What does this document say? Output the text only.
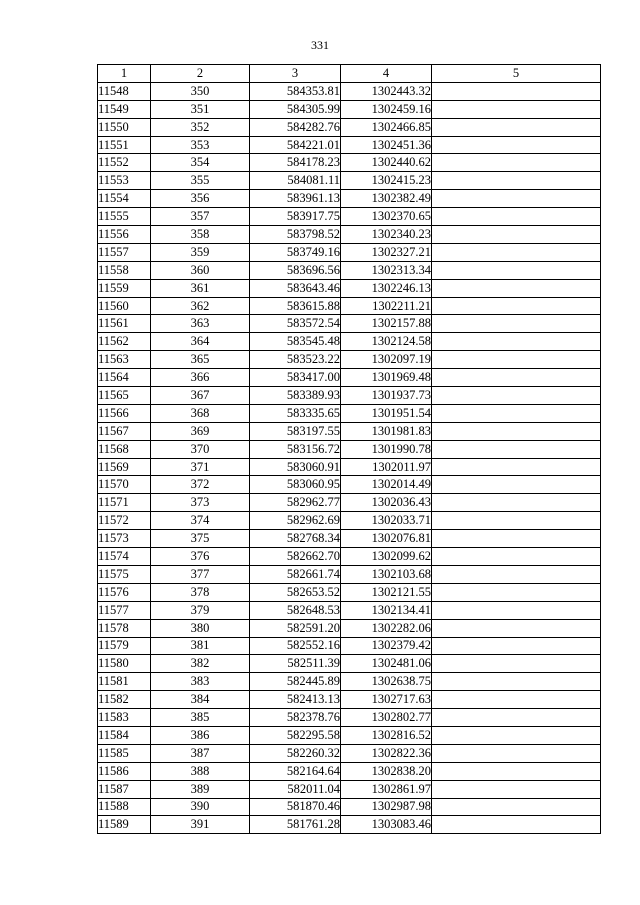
331
1	2	3	4	5
11548	350	584353.81	1302443.32	
11549	351	584305.99	1302459.16	
11550	352	584282.76	1302466.85	
11551	353	584221.01	1302451.36	
11552	354	584178.23	1302440.62	
11553	355	584081.11	1302415.23	
11554	356	583961.13	1302382.49	
11555	357	583917.75	1302370.65	
11556	358	583798.52	1302340.23	
11557	359	583749.16	1302327.21	
11558	360	583696.56	1302313.34	
11559	361	583643.46	1302246.13	
11560	362	583615.88	1302211.21	
11561	363	583572.54	1302157.88	
11562	364	583545.48	1302124.58	
11563	365	583523.22	1302097.19	
11564	366	583417.00	1301969.48	
11565	367	583389.93	1301937.73	
11566	368	583335.65	1301951.54	
11567	369	583197.55	1301981.83	
11568	370	583156.72	1301990.78	
11569	371	583060.91	1302011.97	
11570	372	583060.95	1302014.49	
11571	373	582962.77	1302036.43	
11572	374	582962.69	1302033.71	
11573	375	582768.34	1302076.81	
11574	376	582662.70	1302099.62	
11575	377	582661.74	1302103.68	
11576	378	582653.52	1302121.55	
11577	379	582648.53	1302134.41	
11578	380	582591.20	1302282.06	
11579	381	582552.16	1302379.42	
11580	382	582511.39	1302481.06	
11581	383	582445.89	1302638.75	
11582	384	582413.13	1302717.63	
11583	385	582378.76	1302802.77	
11584	386	582295.58	1302816.52	
11585	387	582260.32	1302822.36	
11586	388	582164.64	1302838.20	
11587	389	582011.04	1302861.97	
11588	390	581870.46	1302987.98	
11589	391	581761.28	1303083.46	
